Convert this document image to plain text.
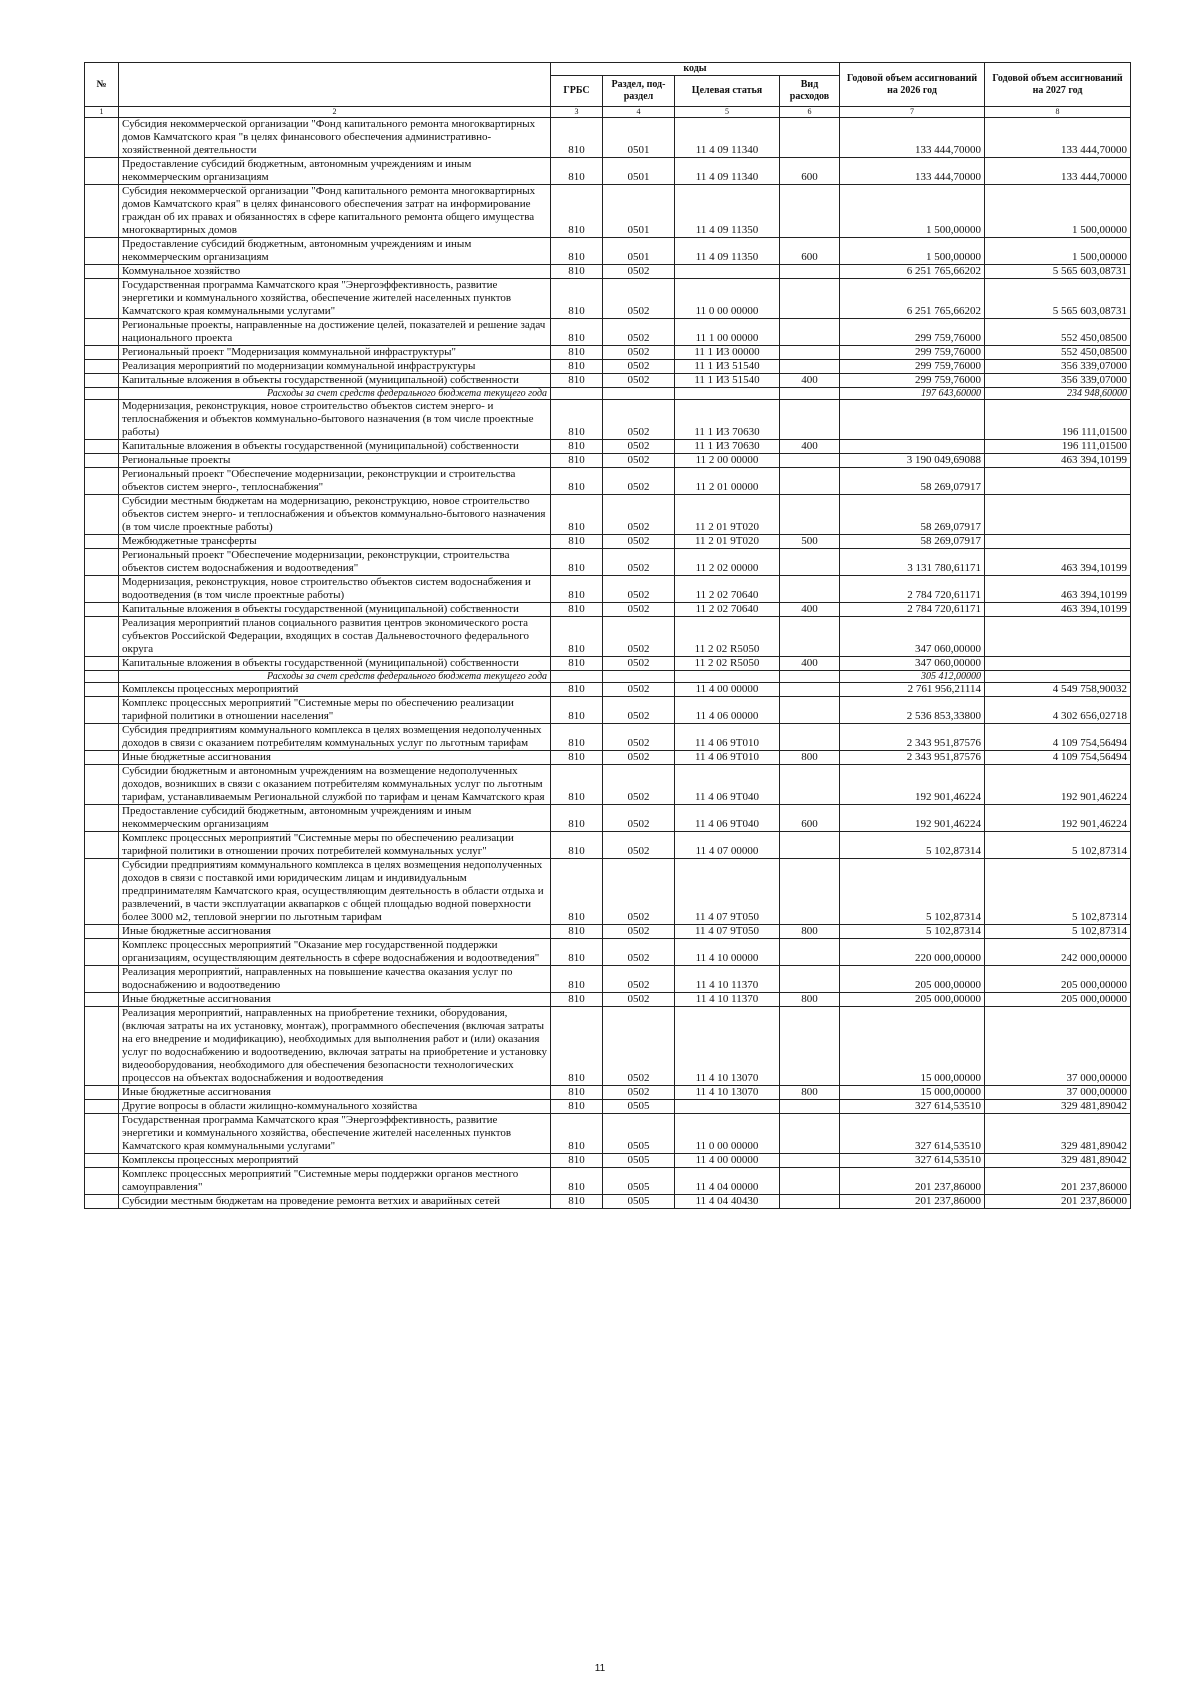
№		коды				Годовой объем ассигнований на 2026 год	Годовой объем ассигнований на 2027 год
		ГРБС	Раздел, под-раздел	Целевая статья	Вид расходов		
1	2	3	4	5	6	7	8
	Субсидия некоммерческой организации "Фонд капитального ремонта многоквартирных домов Камчатского края "в целях финансового обеспечения административно-хозяйственной деятельности	810	0501	11 4 09 11340		133 444,70000	133 444,70000
	Предоставление субсидий бюджетным, автономным учреждениям и иным некоммерческим организациям	810	0501	11 4 09 11340	600	133 444,70000	133 444,70000
	Субсидия некоммерческой организации "Фонд капитального ремонта многоквартирных домов Камчатского края" в целях финансового обеспечения затрат на информирование граждан об их правах и обязанностях в сфере капитального ремонта общего имущества многоквартирных домов	810	0501	11 4 09 11350		1 500,00000	1 500,00000
	Предоставление субсидий бюджетным, автономным учреждениям и иным некоммерческим организациям	810	0501	11 4 09 11350	600	1 500,00000	1 500,00000
	Коммунальное хозяйство	810	0502			6 251 765,66202	5 565 603,08731
	Государственная программа Камчатского края "Энергоэффективность, развитие энергетики и коммунального хозяйства, обеспечение жителей населенных пунктов Камчатского края коммунальными услугами"	810	0502	11 0 00 00000		6 251 765,66202	5 565 603,08731
	Региональные проекты, направленные на достижение целей, показателей и решение задач национального проекта	810	0502	11 1 00 00000		299 759,76000	552 450,08500
	Региональный проект "Модернизация коммунальной инфраструктуры"	810	0502	11 1 И3 00000		299 759,76000	552 450,08500
	Реализация мероприятий по модернизации коммунальной инфраструктуры	810	0502	11 1 И3 51540		299 759,76000	356 339,07000
	Капитальные вложения в объекты государственной (муниципальной) собственности	810	0502	11 1 И3 51540	400	299 759,76000	356 339,07000
	Расходы за счет средств федерального бюджета текущего года					197 643,60000	234 948,60000
	Модернизация, реконструкция, новое строительство объектов систем энерго- и теплоснабжения и объектов коммунально-бытового назначения (в том числе проектные работы)	810	0502	11 1 И3 70630			196 111,01500
	Капитальные вложения в объекты государственной (муниципальной) собственности	810	0502	11 1 И3 70630	400		196 111,01500
	Региональные проекты	810	0502	11 2 00 00000		3 190 049,69088	463 394,10199
	Региональный проект "Обеспечение модернизации, реконструкции и строительства объектов систем энерго-, теплоснабжения"	810	0502	11 2 01 00000		58 269,07917	
	Субсидии местным бюджетам на модернизацию, реконструкцию, новое строительство объектов систем энерго- и теплоснабжения и объектов коммунально-бытового назначения (в том числе проектные работы)	810	0502	11 2 01 9Т020		58 269,07917	
	Межбюджетные трансферты	810	0502	11 2 01 9Т020	500	58 269,07917	
	Региональный проект "Обеспечение модернизации, реконструкции, строительства объектов систем водоснабжения и водоотведения"	810	0502	11 2 02 00000		3 131 780,61171	463 394,10199
	Модернизация, реконструкция, новое строительство объектов систем водоснабжения и водоотведения (в том числе проектные работы)	810	0502	11 2 02 70640		2 784 720,61171	463 394,10199
	Капитальные вложения в объекты государственной (муниципальной) собственности	810	0502	11 2 02 70640	400	2 784 720,61171	463 394,10199
	Реализация мероприятий планов социального развития центров экономического роста субъектов Российской Федерации, входящих в состав Дальневосточного федерального округа	810	0502	11 2 02 R5050		347 060,00000	
	Капитальные вложения в объекты государственной (муниципальной) собственности	810	0502	11 2 02 R5050	400	347 060,00000	
	Расходы за счет средств федерального бюджета текущего года					305 412,00000	
	Комплексы процессных мероприятий	810	0502	11 4 00 00000		2 761 956,21114	4 549 758,90032
	Комплекс процессных мероприятий "Системные меры по обеспечению реализации тарифной политики в отношении населения"	810	0502	11 4 06 00000		2 536 853,33800	4 302 656,02718
	Субсидия предприятиям коммунального комплекса в целях возмещения недополученных доходов в связи с оказанием потребителям коммунальных услуг по льготным тарифам	810	0502	11 4 06 9Т010		2 343 951,87576	4 109 754,56494
	Иные бюджетные ассигнования	810	0502	11 4 06 9Т010	800	2 343 951,87576	4 109 754,56494
	Субсидии бюджетным и автономным учреждениям на возмещение недополученных доходов, возникших в связи с оказанием потребителям коммунальных услуг по льготным тарифам, устанавливаемым Региональной службой по тарифам и ценам Камчатского края	810	0502	11 4 06 9Т040		192 901,46224	192 901,46224
	Предоставление субсидий бюджетным, автономным учреждениям и иным некоммерческим организациям	810	0502	11 4 06 9Т040	600	192 901,46224	192 901,46224
	Комплекс процессных мероприятий "Системные меры по обеспечению реализации тарифной политики в отношении прочих потребителей коммунальных услуг"	810	0502	11 4 07 00000		5 102,87314	5 102,87314
	Субсидии предприятиям коммунального комплекса в целях возмещения недополученных доходов в связи с поставкой ими юридическим лицам и индивидуальным предпринимателям Камчатского края, осуществляющим деятельность в области отдыха и развлечений, в части эксплуатации аквапарков с общей площадью водной поверхности более 3000 м2, тепловой энергии по льготным тарифам	810	0502	11 4 07 9Т050		5 102,87314	5 102,87314
	Иные бюджетные ассигнования	810	0502	11 4 07 9Т050	800	5 102,87314	5 102,87314
	Комплекс процессных мероприятий "Оказание мер государственной поддержки организациям, осуществляющим деятельность в сфере водоснабжения и водоотведения"	810	0502	11 4 10 00000		220 000,00000	242 000,00000
	Реализация мероприятий, направленных на повышение качества оказания услуг по водоснабжению и водоотведению	810	0502	11 4 10 11370		205 000,00000	205 000,00000
	Иные бюджетные ассигнования	810	0502	11 4 10 11370	800	205 000,00000	205 000,00000
	Реализация мероприятий, направленных на приобретение техники, оборудования, (включая затраты на их установку, монтаж), программного обеспечения (включая затраты на его внедрение и модификацию), необходимых для выполнения работ и (или) оказания услуг по водоснабжению и водоотведению, включая затраты на приобретение и установку видеооборудования, необходимого для обеспечения безопасности технологических процессов на объектах водоснабжения и водоотведения	810	0502	11 4 10 13070		15 000,00000	37 000,00000
	Иные бюджетные ассигнования	810	0502	11 4 10 13070	800	15 000,00000	37 000,00000
	Другие вопросы в области жилищно-коммунального хозяйства	810	0505			327 614,53510	329 481,89042
	Государственная программа Камчатского края "Энергоэффективность, развитие энергетики и коммунального хозяйства, обеспечение жителей населенных пунктов Камчатского края коммунальными услугами"	810	0505	11 0 00 00000		327 614,53510	329 481,89042
	Комплексы процессных мероприятий	810	0505	11 4 00 00000		327 614,53510	329 481,89042
	Комплекс процессных мероприятий "Системные меры поддержки органов местного самоуправления"	810	0505	11 4 04 00000		201 237,86000	201 237,86000
	Субсидии местным бюджетам на проведение ремонта ветхих и аварийных сетей	810	0505	11 4 04 40430		201 237,86000	201 237,86000
11
